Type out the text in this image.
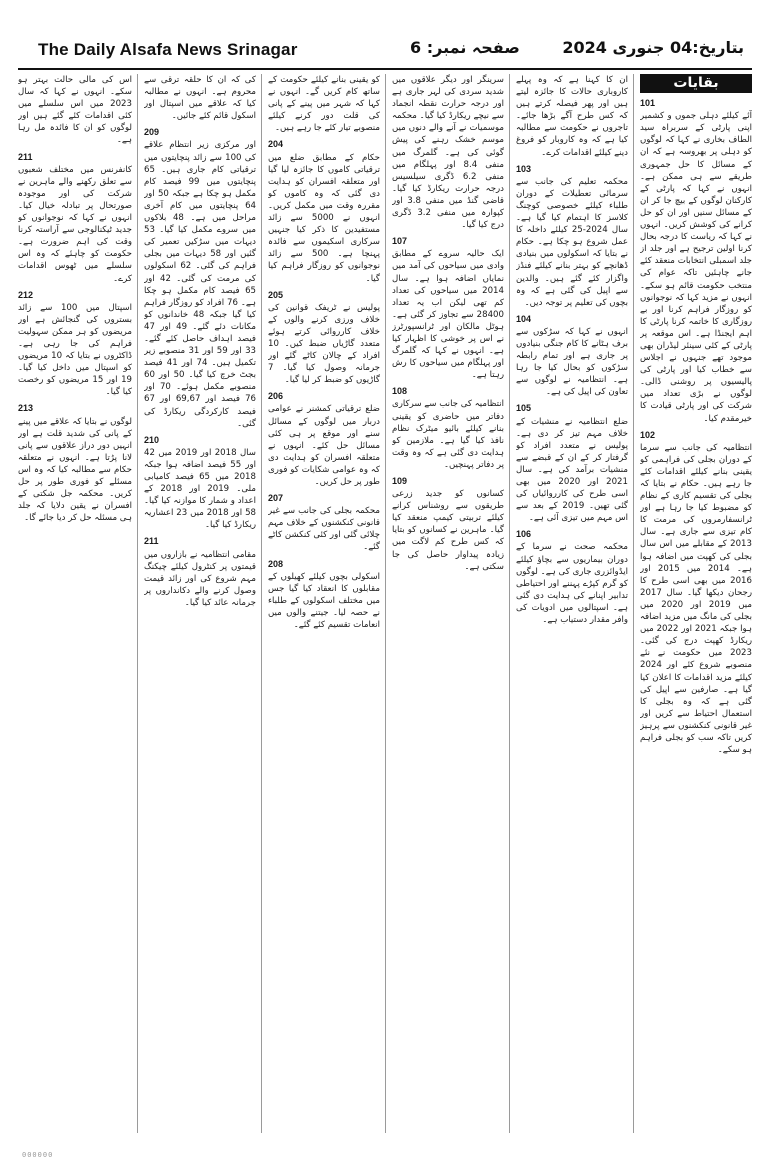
The Daily Alsafa News Srinagar	صفحہ نمبر: 6	بتاریخ:04 جنوری 2024
بقایات
101

آئے کیلئے دہلی جموں و کشمیر اپنی پارٹی کے سربراہ سید الطاف بخاری نے کہا کہ لوگوں کو دہلی پر بھروسہ ہے کہ ان کے مسائل کا حل جمہوری طریقے سے ہی ممکن ہے۔ انہوں نے کہا کہ پارٹی کے کارکنان لوگوں کے بیچ جا کر ان کے مسائل سنیں اور ان کو حل کرانے کی کوشش کریں۔ انہوں نے کہا کہ ریاست کا درجہ بحال کرنا اولین ترجیح ہے اور جلد از جلد اسمبلی انتخابات منعقد کئے جانے چاہئیں تاکہ عوام کی منتخب حکومت قائم ہو سکے۔ انہوں نے مزید کہا کہ نوجوانوں کو روزگار فراہم کرنا اور بے روزگاری کا خاتمہ کرنا پارٹی کا اہم ایجنڈا ہے۔ اس موقعہ پر پارٹی کے کئی سینئر لیڈران بھی موجود تھے جنہوں نے اجلاس سے خطاب کیا اور پارٹی کی پالیسیوں پر روشنی ڈالی۔ لوگوں نے بڑی تعداد میں شرکت کی اور پارٹی قیادت کا خیرمقدم کیا۔

102

انتظامیہ کی جانب سے سرما کے دوران بجلی کی فراہمی کو یقینی بنانے کیلئے اقدامات کئے جا رہے ہیں۔ حکام نے بتایا کہ بجلی کی تقسیم کاری کے نظام کو مضبوط کیا جا رہا ہے اور ٹرانسفارمروں کی مرمت کا کام تیزی سے جاری ہے۔ سال 2013 کے مقابلے میں اس سال بجلی کی کھپت میں اضافہ ہوا ہے۔ 2014 میں 2015 اور 2016 میں بھی اسی طرح کا رجحان دیکھا گیا۔ سال 2017 میں 2019 اور 2020 میں بجلی کی مانگ میں مزید اضافہ ہوا جبکہ 2021 اور 2022 میں ریکارڈ کھپت درج کی گئی۔ 2023 میں حکومت نے نئے منصوبے شروع کئے اور 2024 کیلئے مزید اقدامات کا اعلان کیا گیا ہے۔ صارفین سے اپیل کی گئی ہے کہ وہ بجلی کا استعمال احتیاط سے کریں اور غیر قانونی کنکشنوں سے پرہیز کریں تاکہ سب کو بجلی فراہم ہو سکے۔

ان کا کہنا ہے کہ وہ پہلے کاروباری حالات کا جائزہ لیتے ہیں اور پھر فیصلہ کرتے ہیں کہ کس طرح آگے بڑھا جائے۔ تاجروں نے حکومت سے مطالبہ کیا ہے کہ وہ کاروبار کو فروغ دینے کیلئے اقدامات کرے۔

103

محکمہ تعلیم کی جانب سے سرمائی تعطیلات کے دوران طلباء کیلئے خصوصی کوچنگ کلاسز کا اہتمام کیا گیا ہے۔ سال 2024-25 کیلئے داخلہ کا عمل شروع ہو چکا ہے۔ حکام نے بتایا کہ اسکولوں میں بنیادی ڈھانچے کو بہتر بنانے کیلئے فنڈز واگزار کئے گئے ہیں۔ والدین سے اپیل کی گئی ہے کہ وہ بچوں کی تعلیم پر توجہ دیں۔

104

انہوں نے کہا کہ سڑکوں سے برف ہٹانے کا کام جنگی بنیادوں پر جاری ہے اور تمام رابطہ سڑکوں کو بحال کیا جا رہا ہے۔ انتظامیہ نے لوگوں سے تعاون کی اپیل کی ہے۔

105

ضلع انتظامیہ نے منشیات کے خلاف مہم تیز کر دی ہے۔ پولیس نے متعدد افراد کو گرفتار کر کے ان کے قبضے سے منشیات برآمد کی ہے۔ سال 2021 اور 2020 میں بھی اسی طرح کی کارروائیاں کی گئی تھیں۔ 2019 کے بعد سے اس مہم میں تیزی آئی ہے۔

106

محکمہ صحت نے سرما کے دوران بیماریوں سے بچاؤ کیلئے ایڈوائزری جاری کی ہے۔ لوگوں کو گرم کپڑے پہننے اور احتیاطی تدابیر اپنانے کی ہدایت دی گئی ہے۔ اسپتالوں میں ادویات کی وافر مقدار دستیاب ہے۔

سرینگر اور دیگر علاقوں میں شدید سردی کی لہر جاری ہے اور درجہ حرارت نقطہ انجماد سے نیچے ریکارڈ کیا گیا۔ محکمہ موسمیات نے آنے والے دنوں میں موسم خشک رہنے کی پیش گوئی کی ہے۔ گلمرگ میں منفی 8.4 اور پہلگام میں منفی 6.2 ڈگری سیلسیس درجہ حرارت ریکارڈ کیا گیا۔ قاضی گنڈ میں منفی 3.8 اور کپوارہ میں منفی 3.2 ڈگری درج کیا گیا۔

107

ایک حالیہ سروے کے مطابق وادی میں سیاحوں کی آمد میں نمایاں اضافہ ہوا ہے۔ سال 2014 میں سیاحوں کی تعداد کم تھی لیکن اب یہ تعداد 28400 سے تجاوز کر گئی ہے۔ ہوٹل مالکان اور ٹرانسپورٹرز نے اس پر خوشی کا اظہار کیا ہے۔ انہوں نے کہا کہ گلمرگ اور پہلگام میں سیاحوں کا رش رہتا ہے۔

108

انتظامیہ کی جانب سے سرکاری دفاتر میں حاضری کو یقینی بنانے کیلئے بائیو میٹرک نظام نافذ کیا گیا ہے۔ ملازمین کو ہدایت دی گئی ہے کہ وہ وقت پر دفاتر پہنچیں۔

109

کسانوں کو جدید زرعی طریقوں سے روشناس کرانے کیلئے تربیتی کیمپ منعقد کیا گیا۔ ماہرین نے کسانوں کو بتایا کہ کس طرح کم لاگت میں زیادہ پیداوار حاصل کی جا سکتی ہے۔

کو یقینی بنانے کیلئے حکومت کے ساتھ کام کریں گے۔ انہوں نے کہا کہ شہر میں پینے کے پانی کی قلت دور کرنے کیلئے منصوبے تیار کئے جا رہے ہیں۔

204

حکام کے مطابق ضلع میں ترقیاتی کاموں کا جائزہ لیا گیا اور متعلقہ افسران کو ہدایت دی گئی کہ وہ کاموں کو مقررہ وقت میں مکمل کریں۔ انہوں نے 5000 سے زائد مستفیدین کا ذکر کیا جنہیں سرکاری اسکیموں سے فائدہ پہنچا ہے۔ 500 سے زائد نوجوانوں کو روزگار فراہم کیا گیا۔

205

پولیس نے ٹریفک قوانین کی خلاف ورزی کرنے والوں کے خلاف کارروائی کرتے ہوئے متعدد گاڑیاں ضبط کیں۔ 10 افراد کے چالان کاٹے گئے اور جرمانہ وصول کیا گیا۔ 7 گاڑیوں کو ضبط کر لیا گیا۔

206

ضلع ترقیاتی کمشنر نے عوامی دربار میں لوگوں کے مسائل سنے اور موقع پر ہی کئی مسائل حل کئے۔ انہوں نے متعلقہ افسران کو ہدایت دی کہ وہ عوامی شکایات کو فوری طور پر حل کریں۔

207

محکمہ بجلی کی جانب سے غیر قانونی کنکشنوں کے خلاف مہم چلائی گئی اور کئی کنکشن کاٹے گئے۔

208

اسکولی بچوں کیلئے کھیلوں کے مقابلوں کا انعقاد کیا گیا جس میں مختلف اسکولوں کے طلباء نے حصہ لیا۔ جیتنے والوں میں انعامات تقسیم کئے گئے۔

کی کہ ان کا حلقہ ترقی سے محروم ہے۔ انہوں نے مطالبہ کیا کہ علاقے میں اسپتال اور اسکول قائم کئے جائیں۔

209

اور مرکزی زیر انتظام علاقے کی 100 سے زائد پنچایتوں میں ترقیاتی کام جاری ہیں۔ 65 پنچایتوں میں 99 فیصد کام مکمل ہو چکا ہے جبکہ 50 اور 64 پنچایتوں میں کام آخری مراحل میں ہے۔ 48 بلاکوں میں سروے مکمل کیا گیا۔ 53 دیہات میں سڑکیں تعمیر کی گئیں اور 58 دیہات میں بجلی فراہم کی گئی۔ 62 اسکولوں کی مرمت کی گئی۔ 42 اور 65 فیصد کام مکمل ہو چکا ہے۔ 76 افراد کو روزگار فراہم کیا گیا جبکہ 48 خاندانوں کو مکانات دئے گئے۔ 49 اور 47 فیصد اہداف حاصل کئے گئے۔ 33 اور 59 اور 31 منصوبے زیر تکمیل ہیں۔ 74 اور 41 فیصد بجٹ خرچ کیا گیا۔ 50 اور 60 منصوبے مکمل ہوئے۔ 70 اور 76 فیصد اور 69,67 اور 67 فیصد کارکردگی ریکارڈ کی گئی۔

210

سال 2018 اور 2019 میں 42 اور 55 فیصد اضافہ ہوا جبکہ 2018 میں 65 فیصد کامیابی ملی۔ 2019 اور 2018 کے اعداد و شمار کا موازنہ کیا گیا۔ 58 اور 2018 میں 23 اعشاریہ ریکارڈ کیا گیا۔

211

مقامی انتظامیہ نے بازاروں میں قیمتوں پر کنٹرول کیلئے چیکنگ مہم شروع کی اور زائد قیمت وصول کرنے والے دکانداروں پر جرمانہ عائد کیا گیا۔

اس کی مالی حالت بہتر ہو سکے۔ انہوں نے کہا کہ سال 2023 میں اس سلسلے میں کئی اقدامات کئے گئے ہیں اور لوگوں کو ان کا فائدہ مل رہا ہے۔

211

کانفرنس میں مختلف شعبوں سے تعلق رکھنے والے ماہرین نے شرکت کی اور موجودہ صورتحال پر تبادلہ خیال کیا۔ انہوں نے کہا کہ نوجوانوں کو جدید ٹیکنالوجی سے آراستہ کرنا وقت کی اہم ضرورت ہے۔ حکومت کو چاہئے کہ وہ اس سلسلے میں ٹھوس اقدامات کرے۔

212

اسپتال میں 100 سے زائد بستروں کی گنجائش ہے اور مریضوں کو ہر ممکن سہولیت فراہم کی جا رہی ہے۔ ڈاکٹروں نے بتایا کہ 10 مریضوں کو اسپتال میں داخل کیا گیا۔ 19 اور 15 مریضوں کو رخصت کیا گیا۔

213

لوگوں نے بتایا کہ علاقے میں پینے کے پانی کی شدید قلت ہے اور انہیں دور دراز علاقوں سے پانی لانا پڑتا ہے۔ انہوں نے متعلقہ حکام سے مطالبہ کیا کہ وہ اس مسئلے کو فوری طور پر حل کریں۔ محکمہ جل شکتی کے افسران نے یقین دلایا کہ جلد ہی مسئلہ حل کر دیا جائے گا۔

000000
